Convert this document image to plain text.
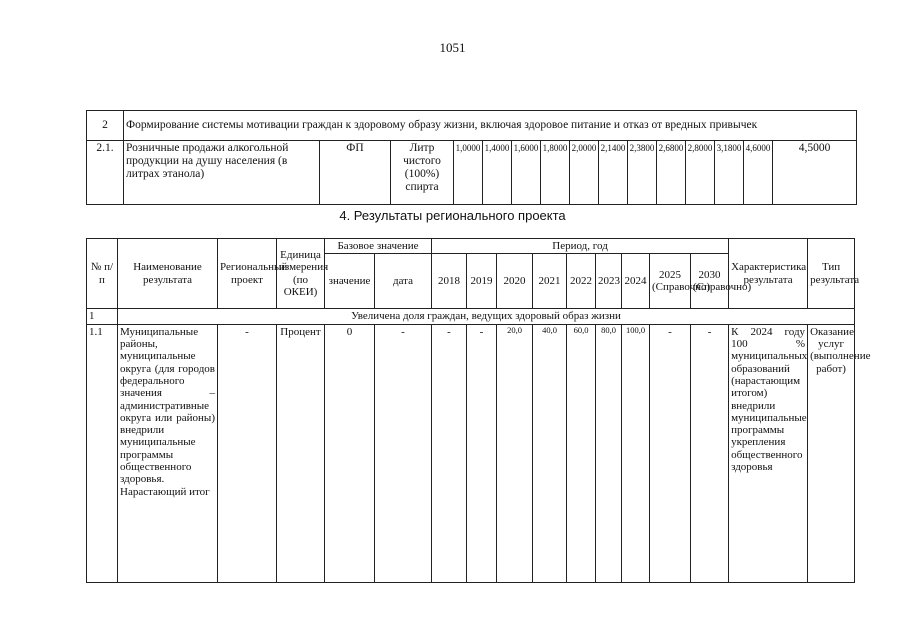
1051
2	Формирование системы мотивации граждан к здоровому образу жизни, включая здоровое питание и отказ от вредных привычек														
2.1.	Розничные продажи алкогольной продукции на душу населения (в литрах этанола)	ФП	Литр чистого (100%) спирта	1,0000	1,4000	1,6000	1,8000	2,0000	2,1400	2,3800	2,6800	2,8000	3,1800	4,6000	4,5000
4. Результаты регионального проекта
№ п/п	Наименование результата	Региональный проект	Единица измерения (по ОКЕИ)	Базовое значение		Период, год									Характеристика результата	Тип результата
				значение	дата	2018	2019	2020	2021	2022	2023	2024	2025 (Справочно)	2030 (Справочно)		
1	Увеличена доля граждан, ведущих здоровый образ жизни															
1.1	Муниципальные районы, муниципальные округа (для городов федерального значения – административные округа или районы) внедрили муниципальные программы общественного здоровья. Нарастающий итог	-	Процент	0	-	-	-	20,0	40,0	60,0	80,0	100,0	-	-	К 2024 году 100 % муниципальных образований (нарастающим итогом) внедрили муниципальные программы укрепления общественного здоровья	Оказание услуг (выполнение работ)
